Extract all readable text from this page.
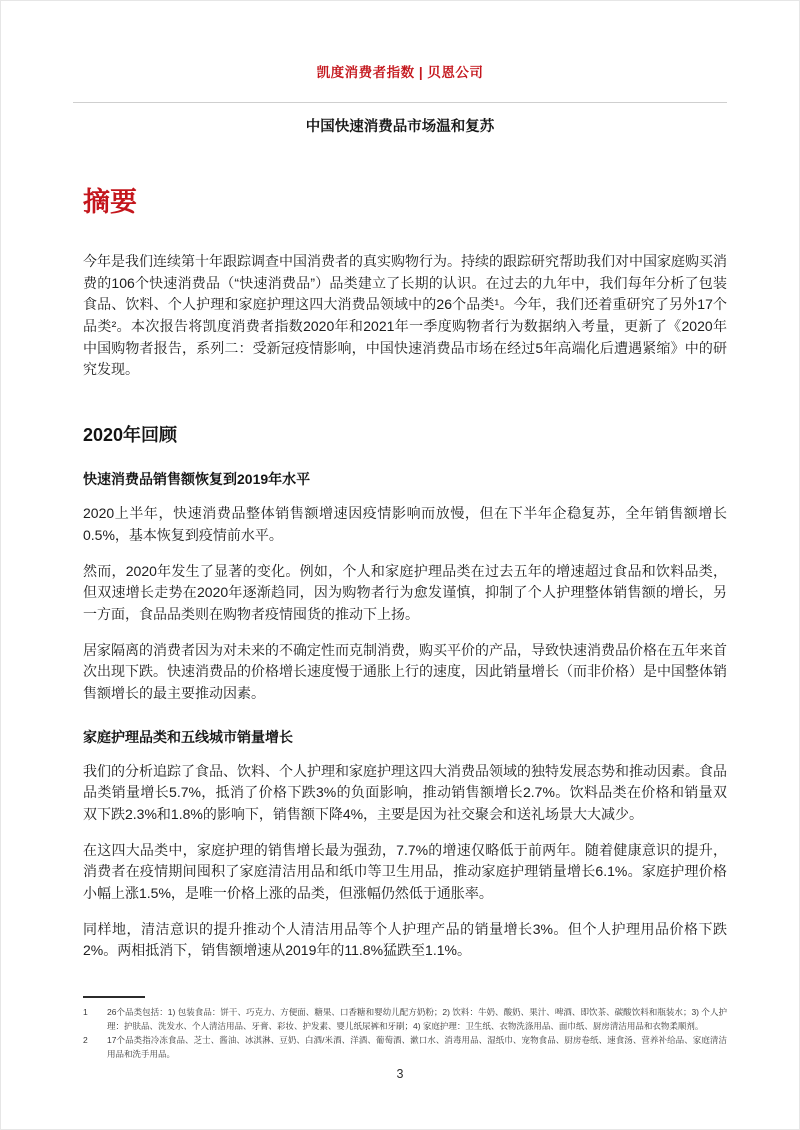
凯度消费者指数 | 贝恩公司
中国快速消费品市场温和复苏
摘要

今年是我们连续第十年跟踪调查中国消费者的真实购物行为。持续的跟踪研究帮助我们对中国家庭购买消费的106个快速消费品（“快速消费品”）品类建立了长期的认识。在过去的九年中，我们每年分析了包装食品、饮料、个人护理和家庭护理这四大消费品领域中的26个品类¹。今年，我们还着重研究了另外17个品类²。本次报告将凯度消费者指数2020年和2021年一季度购物者行为数据纳入考量，更新了《2020年中国购物者报告，系列二：受新冠疫情影响，中国快速消费品市场在经过5年高端化后遭遇紧缩》中的研究发现。

2020年回顾
快速消费品销售额恢复到2019年水平

2020上半年，快速消费品整体销售额增速因疫情影响而放慢，但在下半年企稳复苏，全年销售额增长0.5%，基本恢复到疫情前水平。

然而，2020年发生了显著的变化。例如，个人和家庭护理品类在过去五年的增速超过食品和饮料品类，但双速增长走势在2020年逐渐趋同，因为购物者行为愈发谨慎，抑制了个人护理整体销售额的增长，另一方面，食品品类则在购物者疫情囤货的推动下上扬。

居家隔离的消费者因为对未来的不确定性而克制消费，购买平价的产品，导致快速消费品价格在五年来首次出现下跌。快速消费品的价格增长速度慢于通胀上行的速度，因此销量增长（而非价格）是中国整体销售额增长的最主要推动因素。

家庭护理品类和五线城市销量增长

我们的分析追踪了食品、饮料、个人护理和家庭护理这四大消费品领域的独特发展态势和推动因素。食品品类销量增长5.7%，抵消了价格下跌3%的负面影响，推动销售额增长2.7%。饮料品类在价格和销量双双下跌2.3%和1.8%的影响下，销售额下降4%，主要是因为社交聚会和送礼场景大大减少。

在这四大品类中，家庭护理的销售增长最为强劲，7.7%的增速仅略低于前两年。随着健康意识的提升，消费者在疫情期间囤积了家庭清洁用品和纸巾等卫生用品，推动家庭护理销量增长6.1%。家庭护理价格小幅上涨1.5%，是唯一价格上涨的品类，但涨幅仍然低于通胀率。

同样地，清洁意识的提升推动个人清洁用品等个人护理产品的销量增长3%。但个人护理用品价格下跌2%。两相抵消下，销售额增速从2019年的11.8%猛跌至1.1%。

1	26个品类包括：1) 包装食品：饼干、巧克力、方便面、糖果、口香糖和婴幼儿配方奶粉；2) 饮料：牛奶、酸奶、果汁、啤酒、即饮茶、碳酸饮料和瓶装水；3) 个人护理：护肤品、洗发水、个人清洁用品、牙膏、彩妆、护发素、婴儿纸尿裤和牙刷；4) 家庭护理：卫生纸、衣物洗涤用品、面巾纸、厨房清洁用品和衣物柔顺剂。
2	17个品类指冷冻食品、芝士、酱油、冰淇淋、豆奶、白酒/米酒、洋酒、葡萄酒、漱口水、消毒用品、湿纸巾、宠物食品、厨房卷纸、速食汤、营养补给品、家庭清洁用品和洗手用品。
3
